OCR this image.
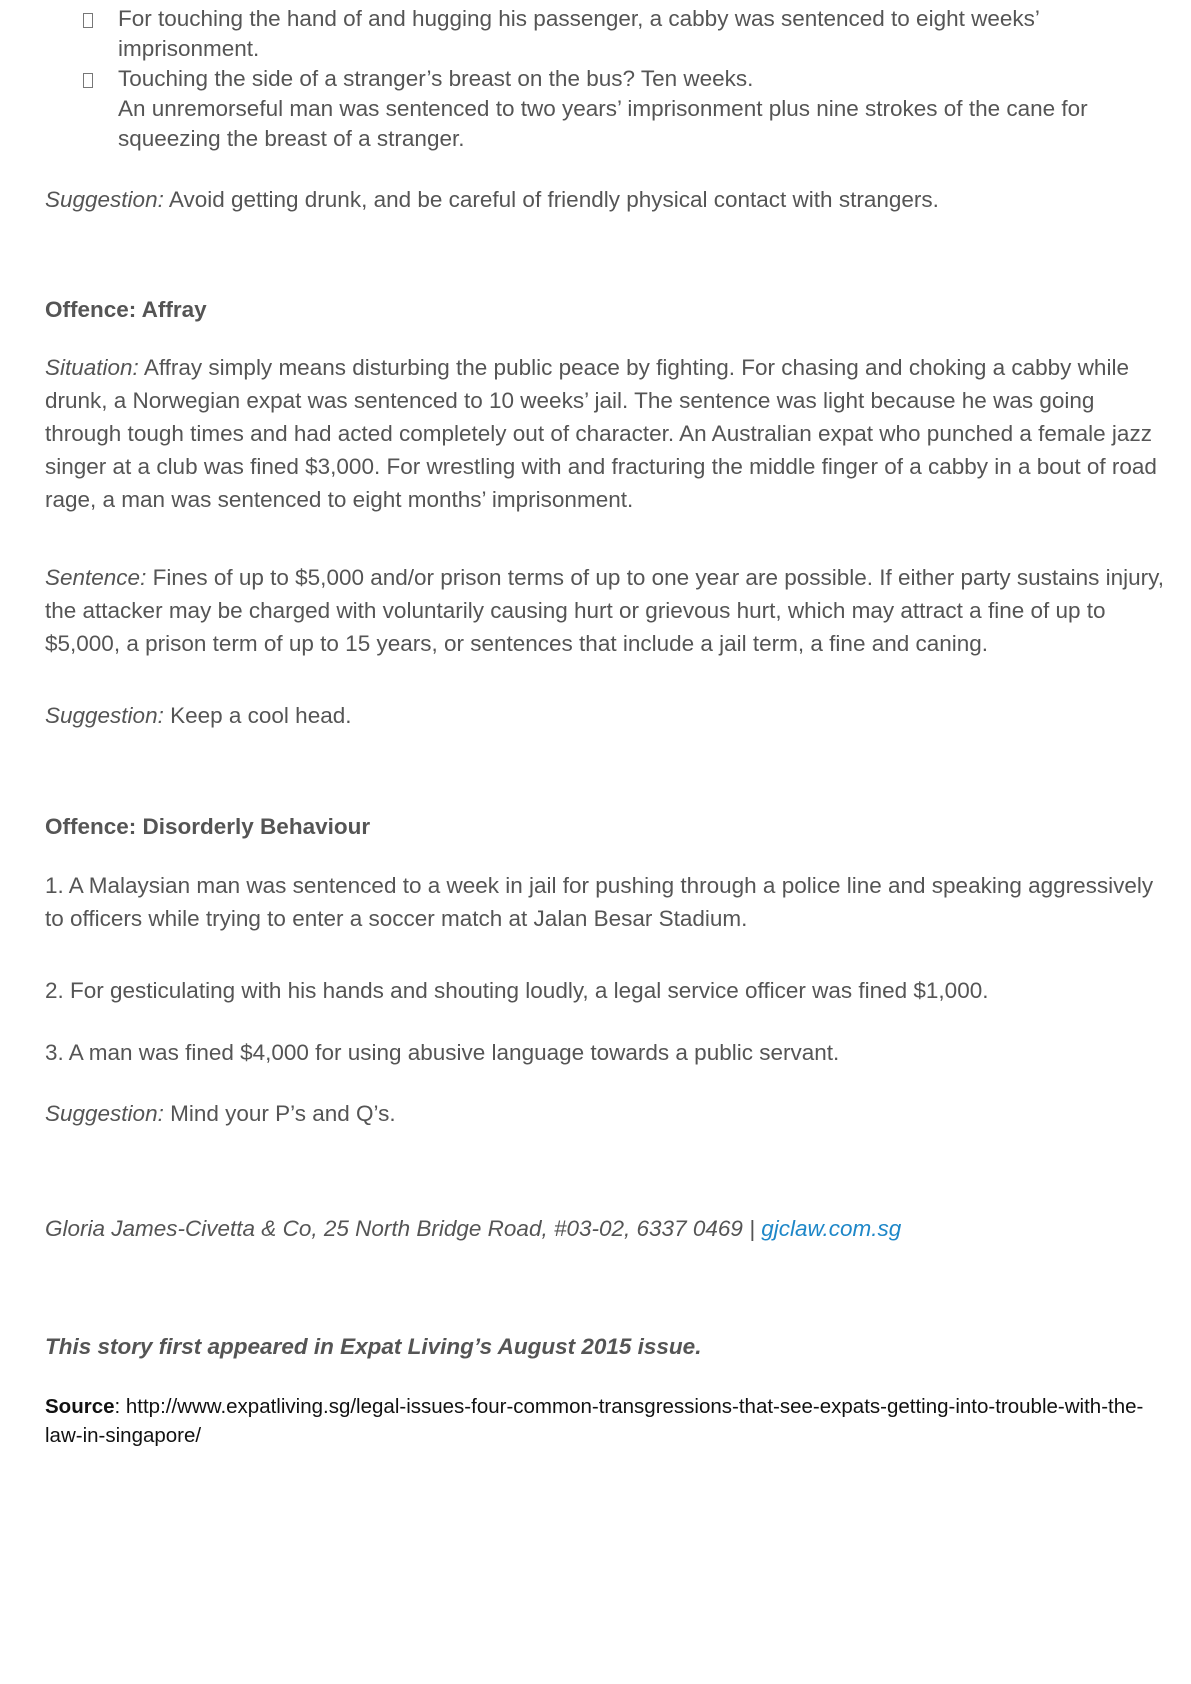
For touching the hand of and hugging his passenger, a cabby was sentenced to eight weeks’
imprisonment.
Touching the side of a stranger’s breast on the bus? Ten weeks.
An unremorseful man was sentenced to two years’ imprisonment plus nine strokes of the cane for
squeezing the breast of a stranger.

Suggestion: Avoid getting drunk, and be careful of friendly physical contact with strangers.

Offence: Affray

Situation: Affray simply means disturbing the public peace by fighting. For chasing and choking a cabby while
drunk, a Norwegian expat was sentenced to 10 weeks’ jail. The sentence was light because he was going
through tough times and had acted completely out of character. An Australian expat who punched a female jazz
singer at a club was fined $3,000. For wrestling with and fracturing the middle finger of a cabby in a bout of road
rage, a man was sentenced to eight months’ imprisonment.

Sentence: Fines of up to $5,000 and/or prison terms of up to one year are possible. If either party sustains injury,
the attacker may be charged with voluntarily causing hurt or grievous hurt, which may attract a fine of up to
$5,000, a prison term of up to 15 years, or sentences that include a jail term, a fine and caning.

Suggestion: Keep a cool head.

Offence: Disorderly Behaviour

1. A Malaysian man was sentenced to a week in jail for pushing through a police line and speaking aggressively
to officers while trying to enter a soccer match at Jalan Besar Stadium.

2. For gesticulating with his hands and shouting loudly, a legal service officer was fined $1,000.

3. A man was fined $4,000 for using abusive language towards a public servant.

Suggestion: Mind your P’s and Q’s.

Gloria James-Civetta & Co, 25 North Bridge Road, #03-02, 6337 0469 | gjclaw.com.sg

This story first appeared in Expat Living’s August 2015 issue.

Source: http://www.expatliving.sg/legal-issues-four-common-transgressions-that-see-expats-getting-into-trouble-with-the-
law-in-singapore/
